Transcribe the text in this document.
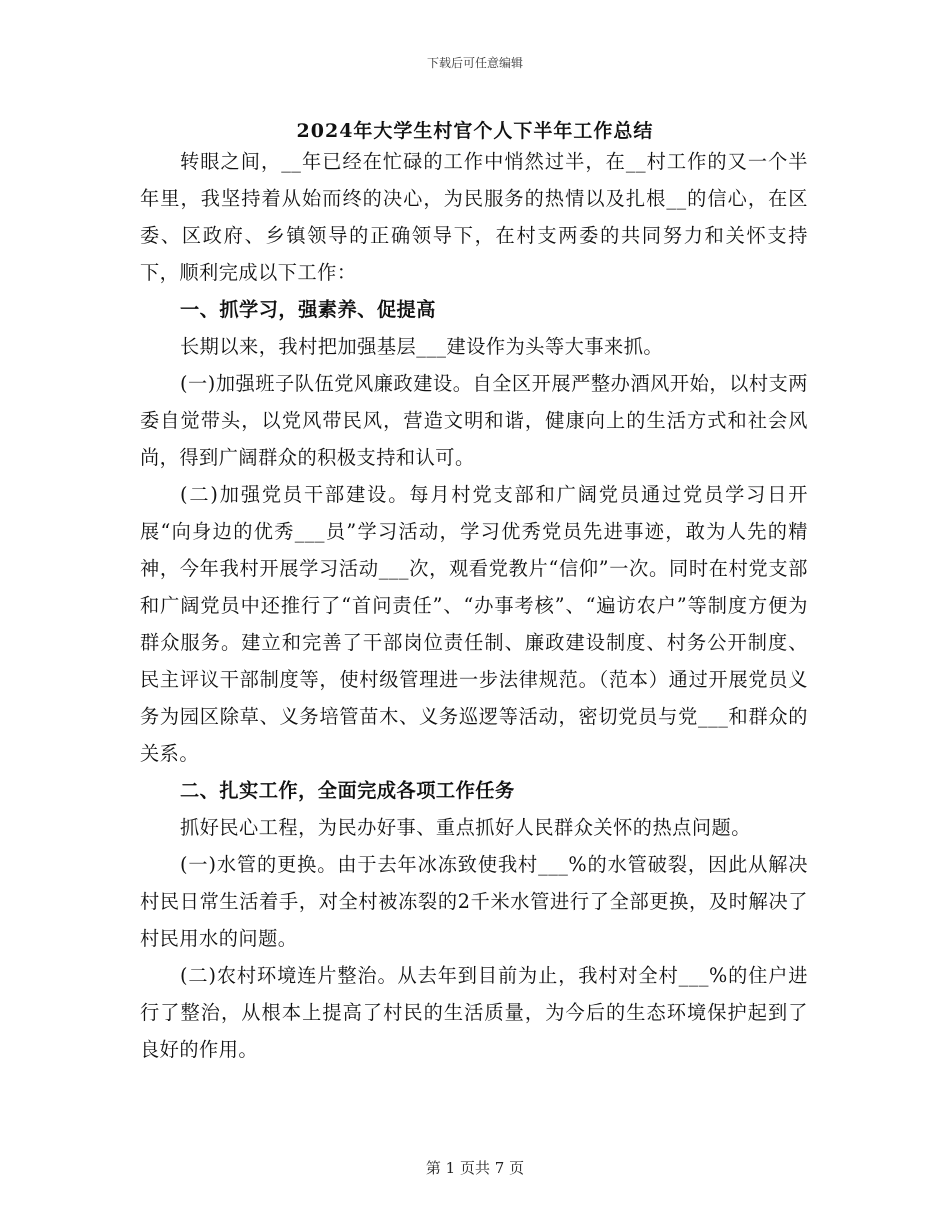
下载后可任意编辑
2024年大学生村官个人下半年工作总结

转眼之间，__年已经在忙碌的工作中悄然过半，在__村工作的又一个半年里，我坚持着从始而终的决心，为民服务的热情以及扎根__的信心，在区委、区政府、乡镇领导的正确领导下，在村支两委的共同努力和关怀支持下，顺利完成以下工作：

一、抓学习，强素养、促提高

长期以来，我村把加强基层___建设作为头等大事来抓。

(一)加强班子队伍党风廉政建设。自全区开展严整办酒风开始，以村支两委自觉带头，以党风带民风，营造文明和谐，健康向上的生活方式和社会风尚，得到广阔群众的积极支持和认可。

(二)加强党员干部建设。每月村党支部和广阔党员通过党员学习日开展“向身边的优秀___员”学习活动，学习优秀党员先进事迹，敢为人先的精神，今年我村开展学习活动___次，观看党教片“信仰”一次。同时在村党支部和广阔党员中还推行了“首问责任”、“办事考核”、“遍访农户”等制度方便为群众服务。建立和完善了干部岗位责任制、廉政建设制度、村务公开制度、民主评议干部制度等，使村级管理进一步法律规范。（范本）通过开展党员义务为园区除草、义务培管苗木、义务巡逻等活动，密切党员与党___和群众的关系。

二、扎实工作，全面完成各项工作任务

抓好民心工程，为民办好事、重点抓好人民群众关怀的热点问题。

(一)水管的更换。由于去年冰冻致使我村___%的水管破裂，因此从解决村民日常生活着手，对全村被冻裂的2千米水管进行了全部更换，及时解决了村民用水的问题。

(二)农村环境连片整治。从去年到目前为止，我村对全村___%的住户进行了整治，从根本上提高了村民的生活质量，为今后的生态环境保护起到了良好的作用。

第 1 页共 7 页
